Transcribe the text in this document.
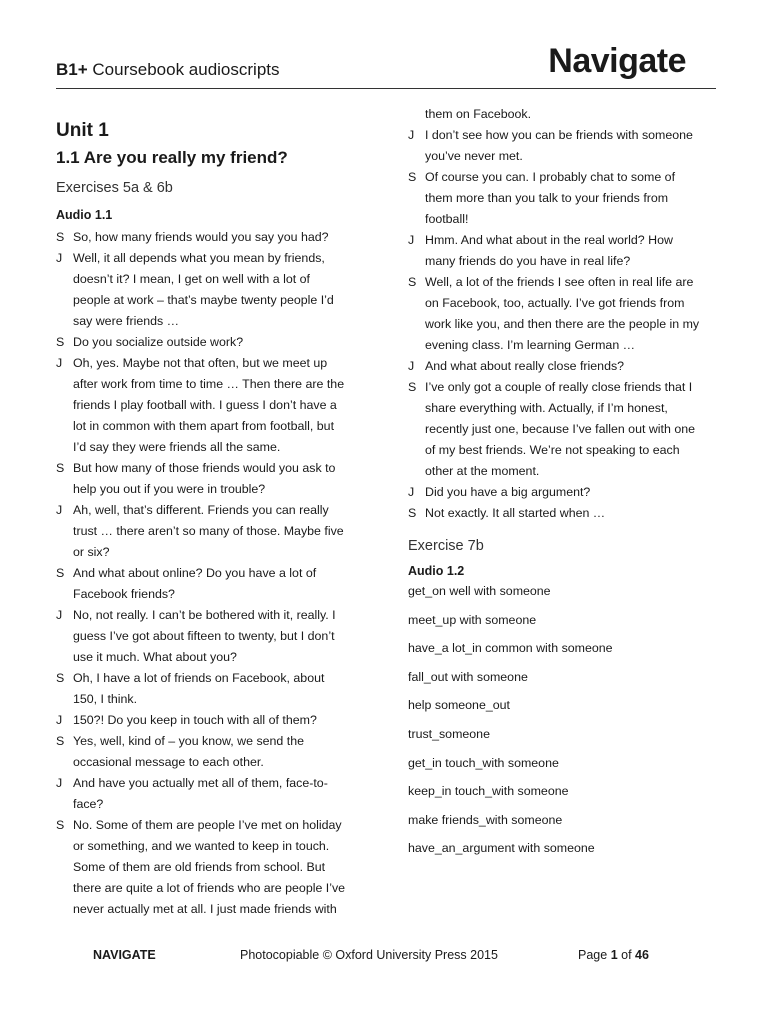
B1+ Coursebook audioscripts	Navigate
Unit 1
1.1 Are you really my friend?
Exercises 5a & 6b
Audio 1.1
S So, how many friends would you say you had?
J Well, it all depends what you mean by friends,
doesn’t it? I mean, I get on well with a lot of
people at work – that’s maybe twenty people I’d
say were friends …
S Do you socialize outside work?
J Oh, yes. Maybe not that often, but we meet up
after work from time to time … Then there are the
friends I play football with. I guess I don’t have a
lot in common with them apart from football, but
I’d say they were friends all the same.
S But how many of those friends would you ask to
help you out if you were in trouble?
J Ah, well, that’s different. Friends you can really
trust … there aren’t so many of those. Maybe five
or six?
S And what about online? Do you have a lot of
Facebook friends?
J No, not really. I can’t be bothered with it, really. I
guess I’ve got about fifteen to twenty, but I don’t
use it much. What about you?
S Oh, I have a lot of friends on Facebook, about
150, I think.
J 150?! Do you keep in touch with all of them?
S Yes, well, kind of – you know, we send the
occasional message to each other.
J And have you actually met all of them, face-to-
face?
S No. Some of them are people I’ve met on holiday
or something, and we wanted to keep in touch.
Some of them are old friends from school. But
there are quite a lot of friends who are people I’ve
never actually met at all. I just made friends with
them on Facebook.
J I don’t see how you can be friends with someone
you’ve never met.
S Of course you can. I probably chat to some of
them more than you talk to your friends from
football!
J Hmm. And what about in the real world? How
many friends do you have in real life?
S Well, a lot of the friends I see often in real life are
on Facebook, too, actually. I’ve got friends from
work like you, and then there are the people in my
evening class. I’m learning German …
J And what about really close friends?
S I’ve only got a couple of really close friends that I
share everything with. Actually, if I’m honest,
recently just one, because I’ve fallen out with one
of my best friends. We’re not speaking to each
other at the moment.
J Did you have a big argument?
S Not exactly. It all started when …
Exercise 7b
Audio 1.2
get_on well with someone
meet_up with someone
have_a lot_in common with someone
fall_out with someone
help someone_out
trust_someone
get_in touch_with someone
keep_in touch_with someone
make friends_with someone
have_an_argument with someone
NAVIGATE	Photocopiable © Oxford University Press 2015	Page 1 of 46
